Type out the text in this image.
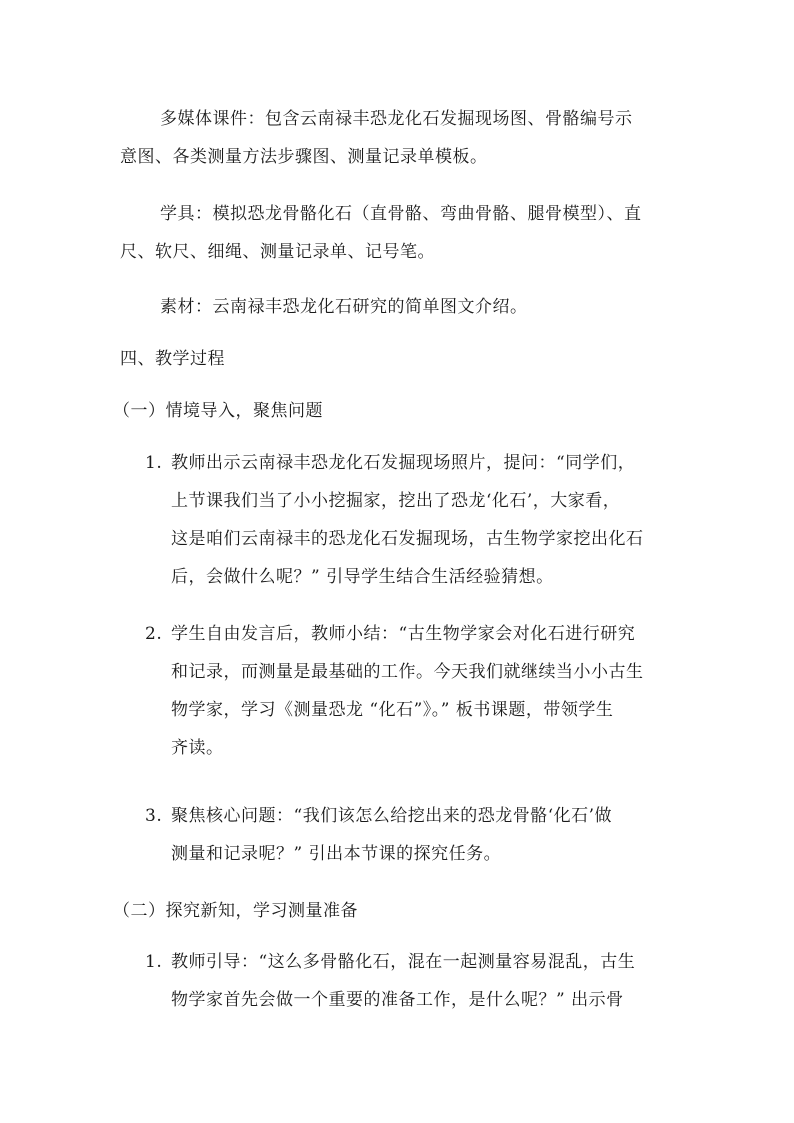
多媒体课件：包含云南禄丰恐龙化石发掘现场图、骨骼编号示
意图、各类测量方法步骤图、测量记录单模板。

学具：模拟恐龙骨骼化石（直骨骼、弯曲骨骼、腿骨模型）、直
尺、软尺、细绳、测量记录单、记号笔。

素材：云南禄丰恐龙化石研究的简单图文介绍。

四、教学过程
（一）情境导入，聚焦问题
1. 教师出示云南禄丰恐龙化石发掘现场照片，提问：“同学们，
上节课我们当了小小挖掘家，挖出了恐龙‘化石’，大家看，
这是咱们云南禄丰的恐龙化石发掘现场，古生物学家挖出化石
后，会做什么呢？” 引导学生结合生活经验猜想。
2. 学生自由发言后，教师小结：“古生物学家会对化石进行研究
和记录，而测量是最基础的工作。今天我们就继续当小小古生
物学家，学习《测量恐龙 “化石”》。” 板书课题，带领学生
齐读。
3. 聚焦核心问题：“我们该怎么给挖出来的恐龙骨骼‘化石’做
测量和记录呢？” 引出本节课的探究任务。
（二）探究新知，学习测量准备
1. 教师引导：“这么多骨骼化石，混在一起测量容易混乱，古生
物学家首先会做一个重要的准备工作，是什么呢？” 出示骨
